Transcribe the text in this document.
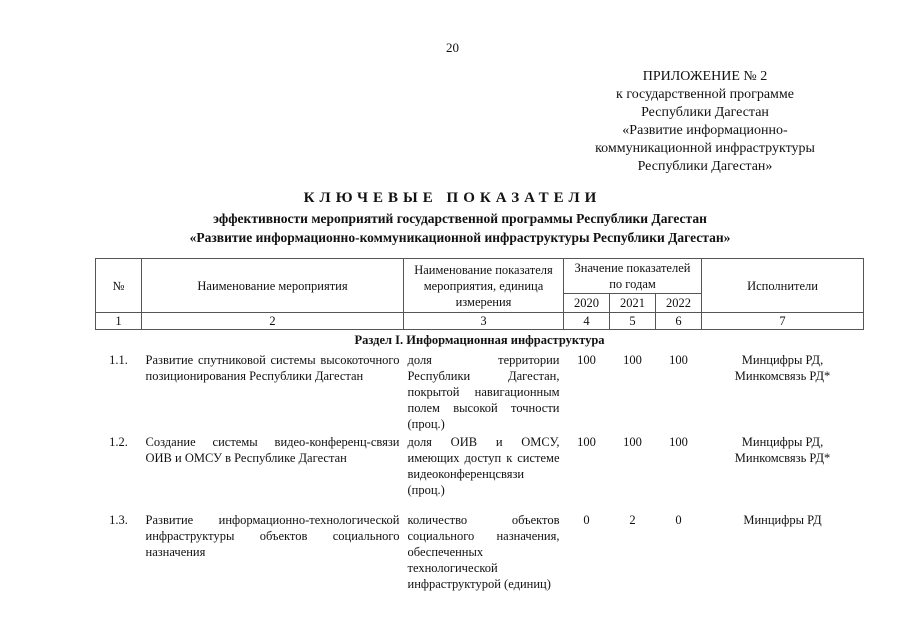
20
ПРИЛОЖЕНИЕ № 2
к государственной программе
Республики Дагестан
«Развитие информационно-
коммуникационной инфраструктуры
Республики Дагестан»
КЛЮЧЕВЫЕ ПОКАЗАТЕЛИ
эффективности мероприятий государственной программы Республики Дагестан
«Развитие информационно-коммуникационной инфраструктуры Республики Дагестан»
№	Наименование мероприятия	Наименование показателя мероприятия, единица измерения	Значение показателей по годам			Исполнители
			2020	2021	2022	
1	2	3	4	5	6	7
Раздел I. Информационная инфраструктура						
1.1.	Развитие спутниковой системы высокоточного позиционирования Республики Дагестан	доля территории Республики Дагестан, покрытой навигационным полем высокой точности (проц.)	100	100	100	Минцифры РД,
Минкомсвязь РД*

1.2.	Создание системы видео-конференц-связи ОИВ и ОМСУ в Республике Дагестан	доля ОИВ и ОМСУ, имеющих доступ к системе видеоконференцсвязи (проц.)	100	100	100	Минцифры РД,
Минкомсвязь РД*

1.3.	Развитие информационно-технологической инфраструктуры объектов социального назначения	количество объектов социального назначения, обеспеченных технологической инфраструктурой (единиц)	0	2	0	Минцифры РД
